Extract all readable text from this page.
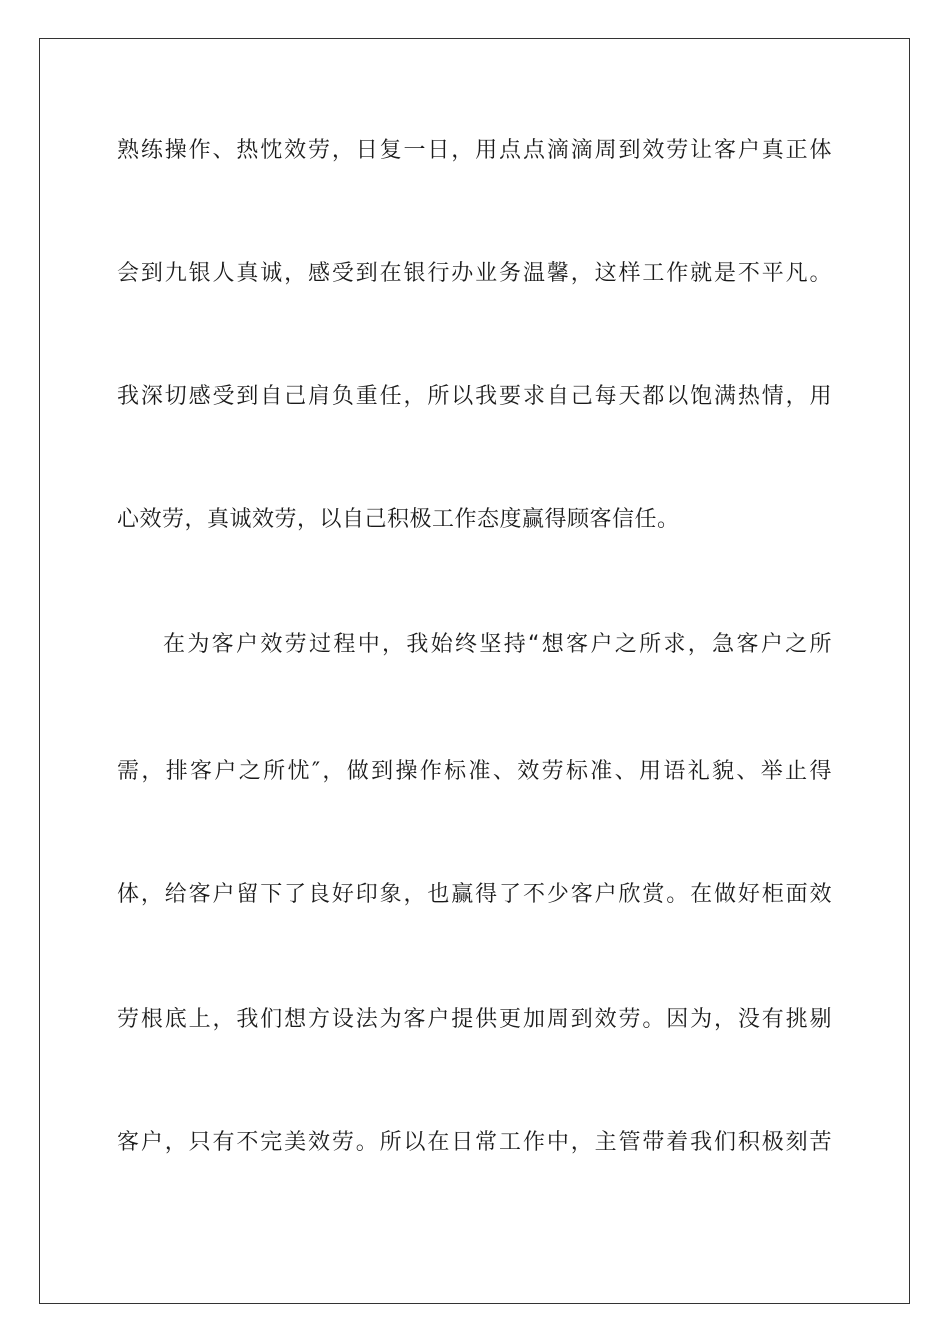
熟练操作、热忱效劳，日复一日，用点点滴滴周到效劳让客户真正体
会到九银人真诚，感受到在银行办业务温馨，这样工作就是不平凡。
我深切感受到自己肩负重任，所以我要求自己每天都以饱满热情，用
心效劳，真诚效劳，以自己积极工作态度赢得顾客信任。
在为客户效劳过程中，我始终坚持“想客户之所求，急客户之所
需，排客户之所忧″，做到操作标准、效劳标准、用语礼貌、举止得
体，给客户留下了良好印象，也赢得了不少客户欣赏。在做好柜面效
劳根底上，我们想方设法为客户提供更加周到效劳。因为，没有挑剔
客户，只有不完美效劳。所以在日常工作中，主管带着我们积极刻苦
